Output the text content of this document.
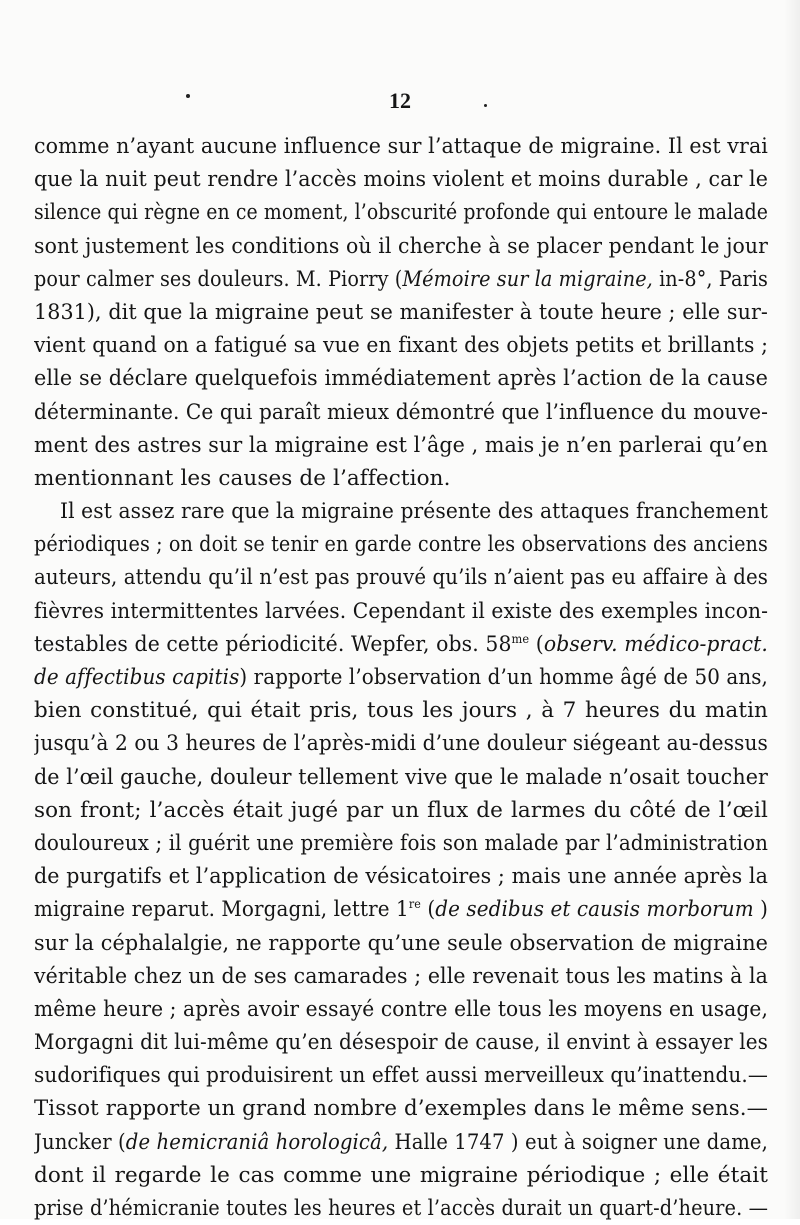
12
comme n’ayant aucune influence sur l’attaque de migraine. Il est vrai
que la nuit peut rendre l’accès moins violent et moins durable , car le
silence qui règne en ce moment, l’obscurité profonde qui entoure le malade
sont justement les conditions où il cherche à se placer pendant le jour
pour calmer ses douleurs. M. Piorry (Mémoire sur la migraine, in-8°, Paris
1831), dit que la migraine peut se manifester à toute heure ; elle sur-
vient quand on a fatigué sa vue en fixant des objets petits et brillants ;
elle se déclare quelquefois immédiatement après l’action de la cause
déterminante. Ce qui paraît mieux démontré que l’influence du mouve-
ment des astres sur la migraine est l’âge , mais je n’en parlerai qu’en
mentionnant les causes de l’affection.
Il est assez rare que la migraine présente des attaques franchement
périodiques ; on doit se tenir en garde contre les observations des anciens
auteurs, attendu qu’il n’est pas prouvé qu’ils n’aient pas eu affaire à des
fièvres intermittentes larvées. Cependant il existe des exemples incon-
testables de cette périodicité. Wepfer, obs. $58^{me}$ (observ. médico-pract.
de affectibus capitis) rapporte l’observation d’un homme âgé de 50 ans,
bien constitué, qui était pris, tous les jours , à 7 heures du matin
jusqu’à 2 ou 3 heures de l’après-midi d’une douleur siégeant au-dessus
de l’œil gauche, douleur tellement vive que le malade n’osait toucher
son front; l’accès était jugé par un flux de larmes du côté de l’œil
douloureux ; il guérit une première fois son malade par l’administration
de purgatifs et l’application de vésicatoires ; mais une année après la
migraine reparut. Morgagni, lettre 1re (de sedibus et causis morborum )
sur la céphalalgie, ne rapporte qu’une seule observation de migraine
véritable chez un de ses camarades ; elle revenait tous les matins à la
même heure ; après avoir essayé contre elle tous les moyens en usage,
Morgagni dit lui-même qu’en désespoir de cause, il envint à essayer les
sudorifiques qui produisirent un effet aussi merveilleux qu’inattendu.—
Tissot rapporte un grand nombre d’exemples dans le même sens.—
Juncker (de hemicraniâ horologicâ, Halle 1747 ) eut à soigner une dame,
dont il regarde le cas comme une migraine périodique ; elle était
prise d’hémicranie toutes les heures et l’accès durait un quart-d’heure. —
